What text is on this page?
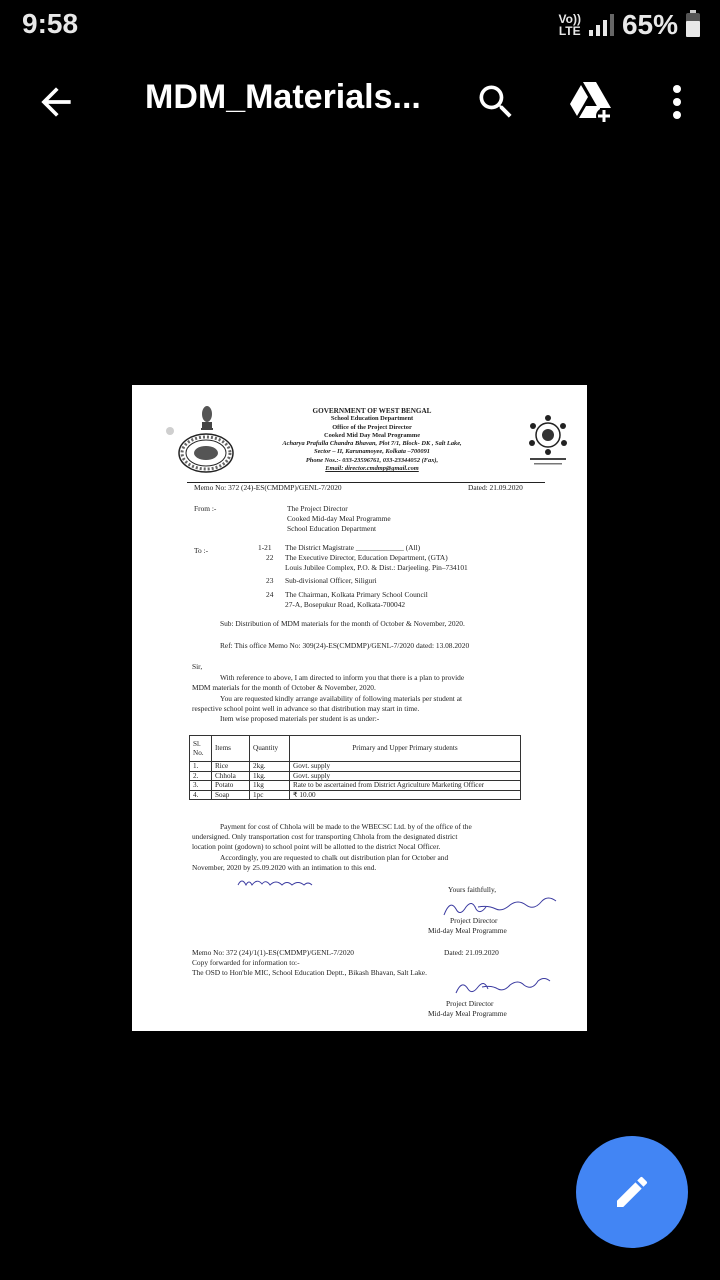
9:58	Vo))
LTE 65%
MDM_Materials...
GOVERNMENT OF WEST BENGAL
School Education Department
Office of the Project Director
Cooked Mid Day Meal Programme
Acharya Prafulla Chandra Bhavan, Plot 7/1, Block- DK , Salt Lake,
Sector – II, Karunamoyee, Kolkata –700091
Phone Nos.:- 033-23596761, 033-23344052 (Fax),
Email: director.cmdmp@gmail.com
Memo No: 372 (24)-ES(CMDMP)/GENL-7/2020	Dated: 21.09.2020
From :-	The Project Director
Cooked Mid-day Meal Programme
School Education Department
To :-	1-21 The District Magistrate _____________ (All)
22 The Executive Director, Education Department, (GTA)
Louis Jubilee Complex, P.O. & Dist.: Darjeeling. Pin–734101
23 Sub-divisional Officer, Siliguri
24 The Chairman, Kolkata Primary School Council
27-A, Bosepukur Road, Kolkata-700042
Sub: Distribution of MDM materials for the month of October & November, 2020.
Ref: This office Memo No: 309(24)-ES(CMDMP)/GENL-7/2020 dated: 13.08.2020
Sir,
With reference to above, I am directed to inform you that there is a plan to provide
MDM materials for the month of October & November, 2020.
You are requested kindly arrange availability of following materials per student at
respective school point well in advance so that distribution may start in time.
Item wise proposed materials per student is as under:-
Sl. No.	Items	Quantity	Primary and Upper Primary students
1.	Rice	2kg.	Govt. supply
2.	Chhola	1kg.	Govt. supply
3.	Potato	1kg	Rate to be ascertained from District Agriculture Marketing Officer
4.	Soap	1pc	₹ 10.00
Payment for cost of Chhola will be made to the WBECSC Ltd. by of the office of the
undersigned. Only transportation cost for transporting Chhola from the designated district
location point (godown) to school point will be allotted to the district Nocal Officer.
Accordingly, you are requested to chalk out distribution plan for October and
November, 2020 by 25.09.2020 with an intimation to this end.
Yours faithfully,
Project Director
Mid-day Meal Programme
Memo No: 372 (24)/1(1)-ES(CMDMP)/GENL-7/2020	Dated: 21.09.2020
Copy forwarded for information to:-
The OSD to Hon'ble MIC, School Education Deptt., Bikash Bhavan, Salt Lake.
Project Director
Mid-day Meal Programme
